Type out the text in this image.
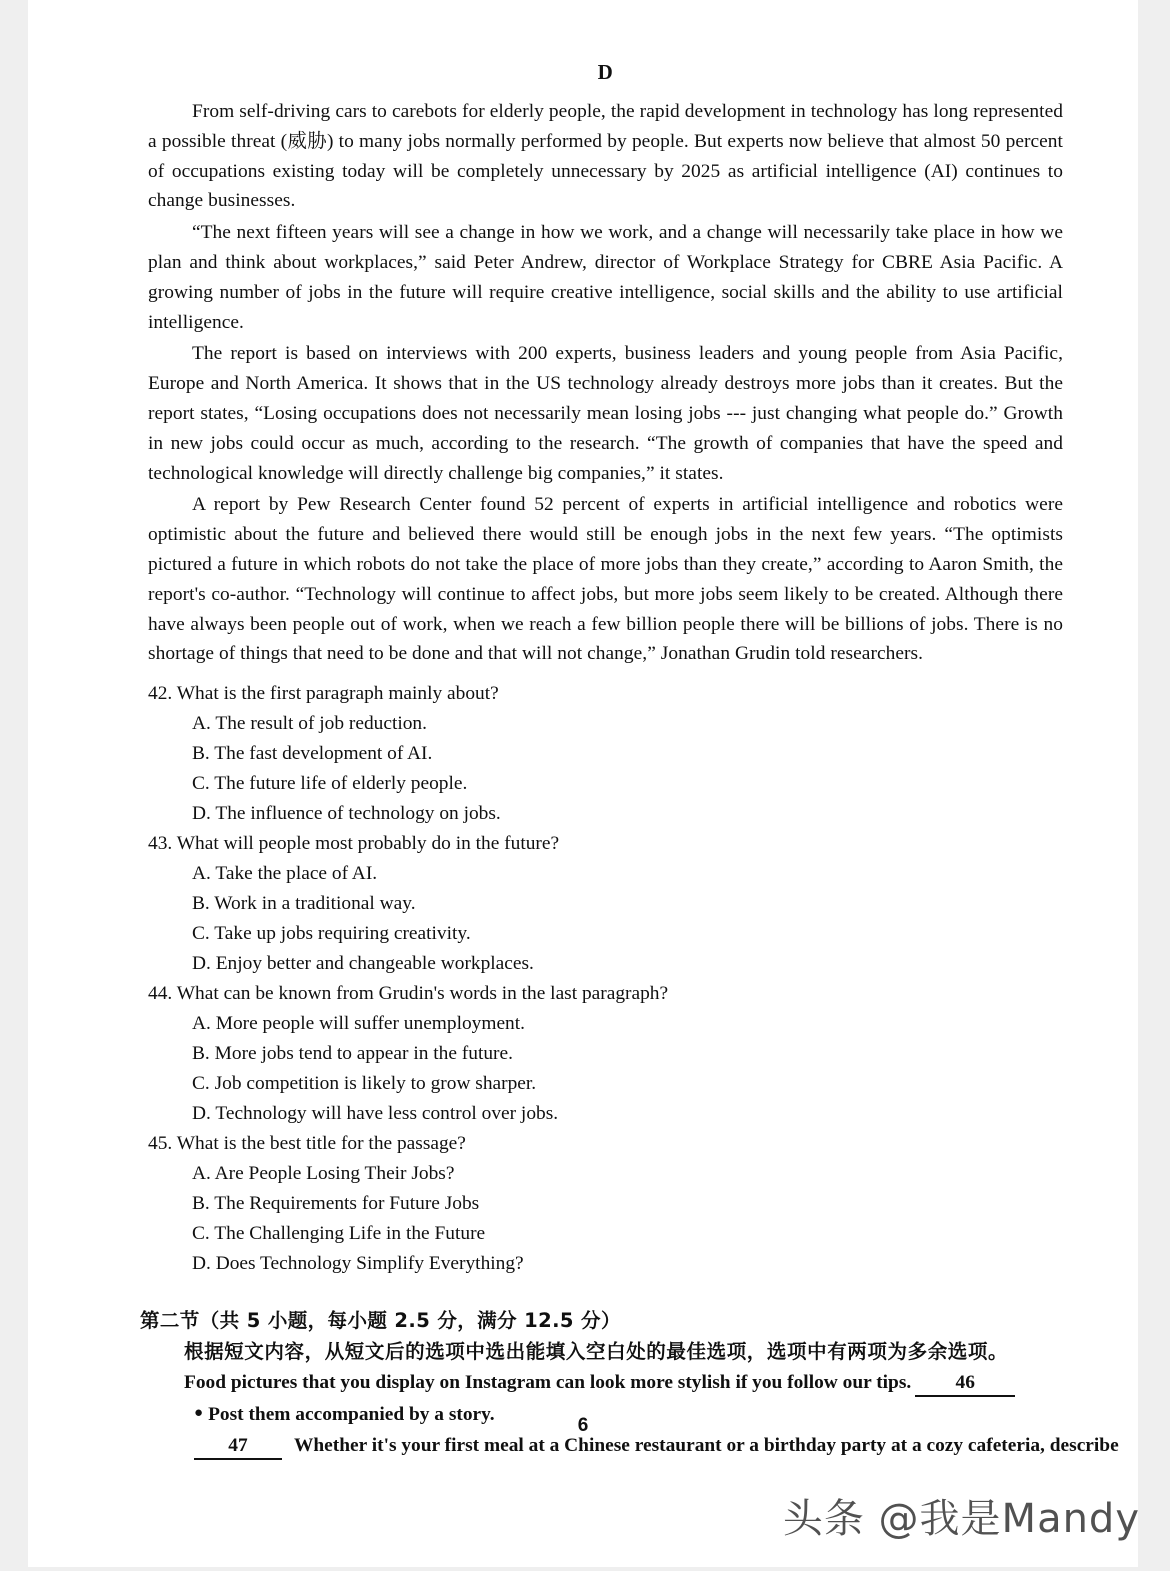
D

From self-driving cars to carebots for elderly people, the rapid development in technology has long represented a possible threat (威胁) to many jobs normally performed by people. But experts now believe that almost 50 percent of occupations existing today will be completely unnecessary by 2025 as artificial intelligence (AI) continues to change businesses.

“The next fifteen years will see a change in how we work, and a change will necessarily take place in how we plan and think about workplaces,” said Peter Andrew, director of Workplace Strategy for CBRE Asia Pacific. A growing number of jobs in the future will require creative intelligence, social skills and the ability to use artificial intelligence.

The report is based on interviews with 200 experts, business leaders and young people from Asia Pacific, Europe and North America. It shows that in the US technology already destroys more jobs than it creates. But the report states, “Losing occupations does not necessarily mean losing jobs --- just changing what people do.” Growth in new jobs could occur as much, according to the research. “The growth of companies that have the speed and technological knowledge will directly challenge big companies,” it states.

A report by Pew Research Center found 52 percent of experts in artificial intelligence and robotics were optimistic about the future and believed there would still be enough jobs in the next few years. “The optimists pictured a future in which robots do not take the place of more jobs than they create,” according to Aaron Smith, the report's co-author. “Technology will continue to affect jobs, but more jobs seem likely to be created. Although there have always been people out of work, when we reach a few billion people there will be billions of jobs. There is no shortage of things that need to be done and that will not change,” Jonathan Grudin told researchers.

42. What is the first paragraph mainly about?

A. The result of job reduction.

B. The fast development of AI.

C. The future life of elderly people.

D. The influence of technology on jobs.

43. What will people most probably do in the future?

A. Take the place of AI.

B. Work in a traditional way.

C. Take up jobs requiring creativity.

D. Enjoy better and changeable workplaces.

44. What can be known from Grudin's words in the last paragraph?

A. More people will suffer unemployment.

B. More jobs tend to appear in the future.

C. Job competition is likely to grow sharper.

D. Technology will have less control over jobs.

45. What is the best title for the passage?

A. Are People Losing Their Jobs?

B. The Requirements for Future Jobs

C. The Challenging Life in the Future

D. Does Technology Simplify Everything?

第二节（共 5 小题，每小题 2.5 分，满分 12.5 分）

根据短文内容，从短文后的选项中选出能填入空白处的最佳选项，选项中有两项为多余选项。

Food pictures that you display on Instagram can look more stylish if you follow our tips. 46

● Post them accompanied by a story.

47 Whether it's your first meal at a Chinese restaurant or a birthday party at a cozy cafeteria, describe

6
头条 @我是Mandy
